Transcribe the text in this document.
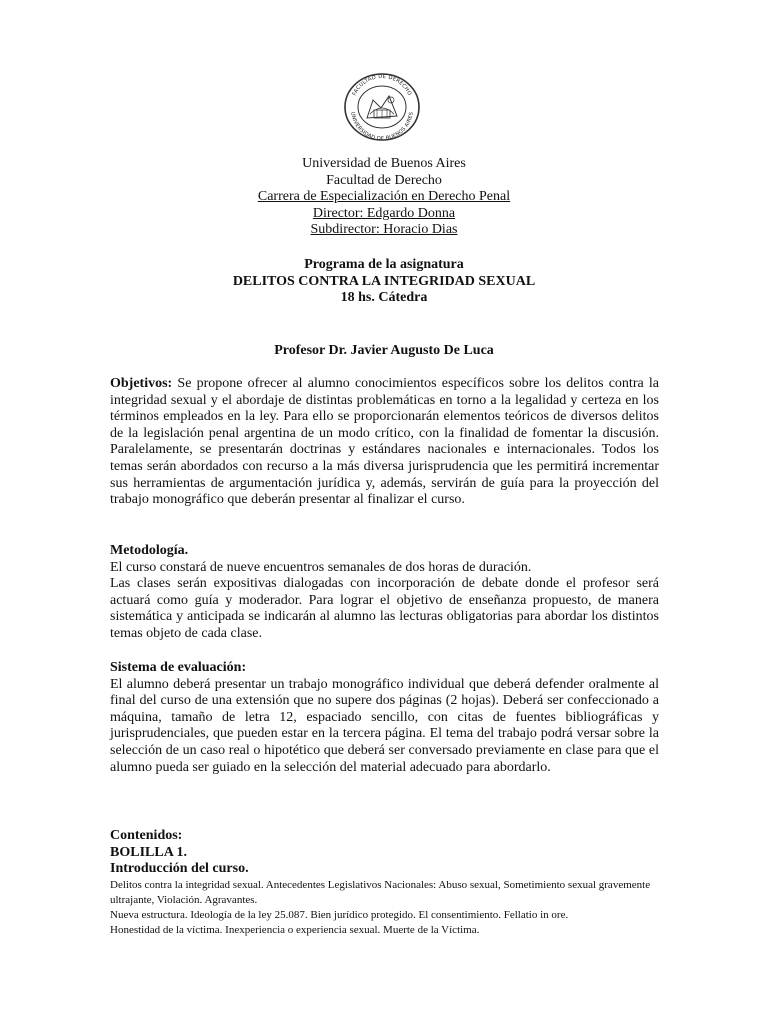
FACULTAD DE DERECHO
UNIVERSIDAD DE BUENOS AIRES
Universidad de Buenos Aires
Facultad de Derecho
Carrera de Especialización en Derecho Penal
Director: Edgardo Donna
Subdirector: Horacio Dias
Programa de la asignatura
DELITOS CONTRA LA INTEGRIDAD SEXUAL
18 hs. Cátedra
Profesor Dr. Javier Augusto De Luca

Objetivos: Se propone ofrecer al alumno conocimientos específicos sobre los delitos contra la integridad sexual y el abordaje de distintas problemáticas en torno a la legalidad y certeza en los términos empleados en la ley. Para ello se proporcionarán elementos teóricos de diversos delitos de la legislación penal argentina de un modo crítico, con la finalidad de fomentar la discusión. Paralelamente, se presentarán doctrinas y estándares nacionales e internacionales. Todos los temas serán abordados con recurso a la más diversa jurisprudencia que les permitirá incrementar sus herramientas de argumentación jurídica y, además, servirán de guía para la proyección del trabajo monográfico que deberán presentar al finalizar el curso.

Metodología.

El curso constará de nueve encuentros semanales de dos horas de duración.

Las clases serán expositivas dialogadas con incorporación de debate donde el profesor será actuará como guía y moderador. Para lograr el objetivo de enseñanza propuesto, de manera sistemática y anticipada se indicarán al alumno las lecturas obligatorias para abordar los distintos temas objeto de cada clase.

Sistema de evaluación:

El alumno deberá presentar un trabajo monográfico individual que deberá defender oralmente al final del curso de una extensión que no supere dos páginas (2 hojas). Deberá ser confeccionado a máquina, tamaño de letra 12, espaciado sencillo, con citas de fuentes bibliográficas y jurisprudenciales, que pueden estar en la tercera página. El tema del trabajo podrá versar sobre la selección de un caso real o hipotético que deberá ser conversado previamente en clase para que el alumno pueda ser guiado en la selección del material adecuado para abordarlo.

Contenidos:

BOLILLA 1.

Introducción del curso.

Delitos contra la integridad sexual. Antecedentes Legislativos Nacionales: Abuso sexual, Sometimiento sexual gravemente ultrajante, Violación. Agravantes.

Nueva estructura. Ideología de la ley 25.087. Bien jurídico protegido. El consentimiento. Fellatio in ore.

Honestidad de la víctima. Inexperiencia o experiencia sexual. Muerte de la Víctima.
